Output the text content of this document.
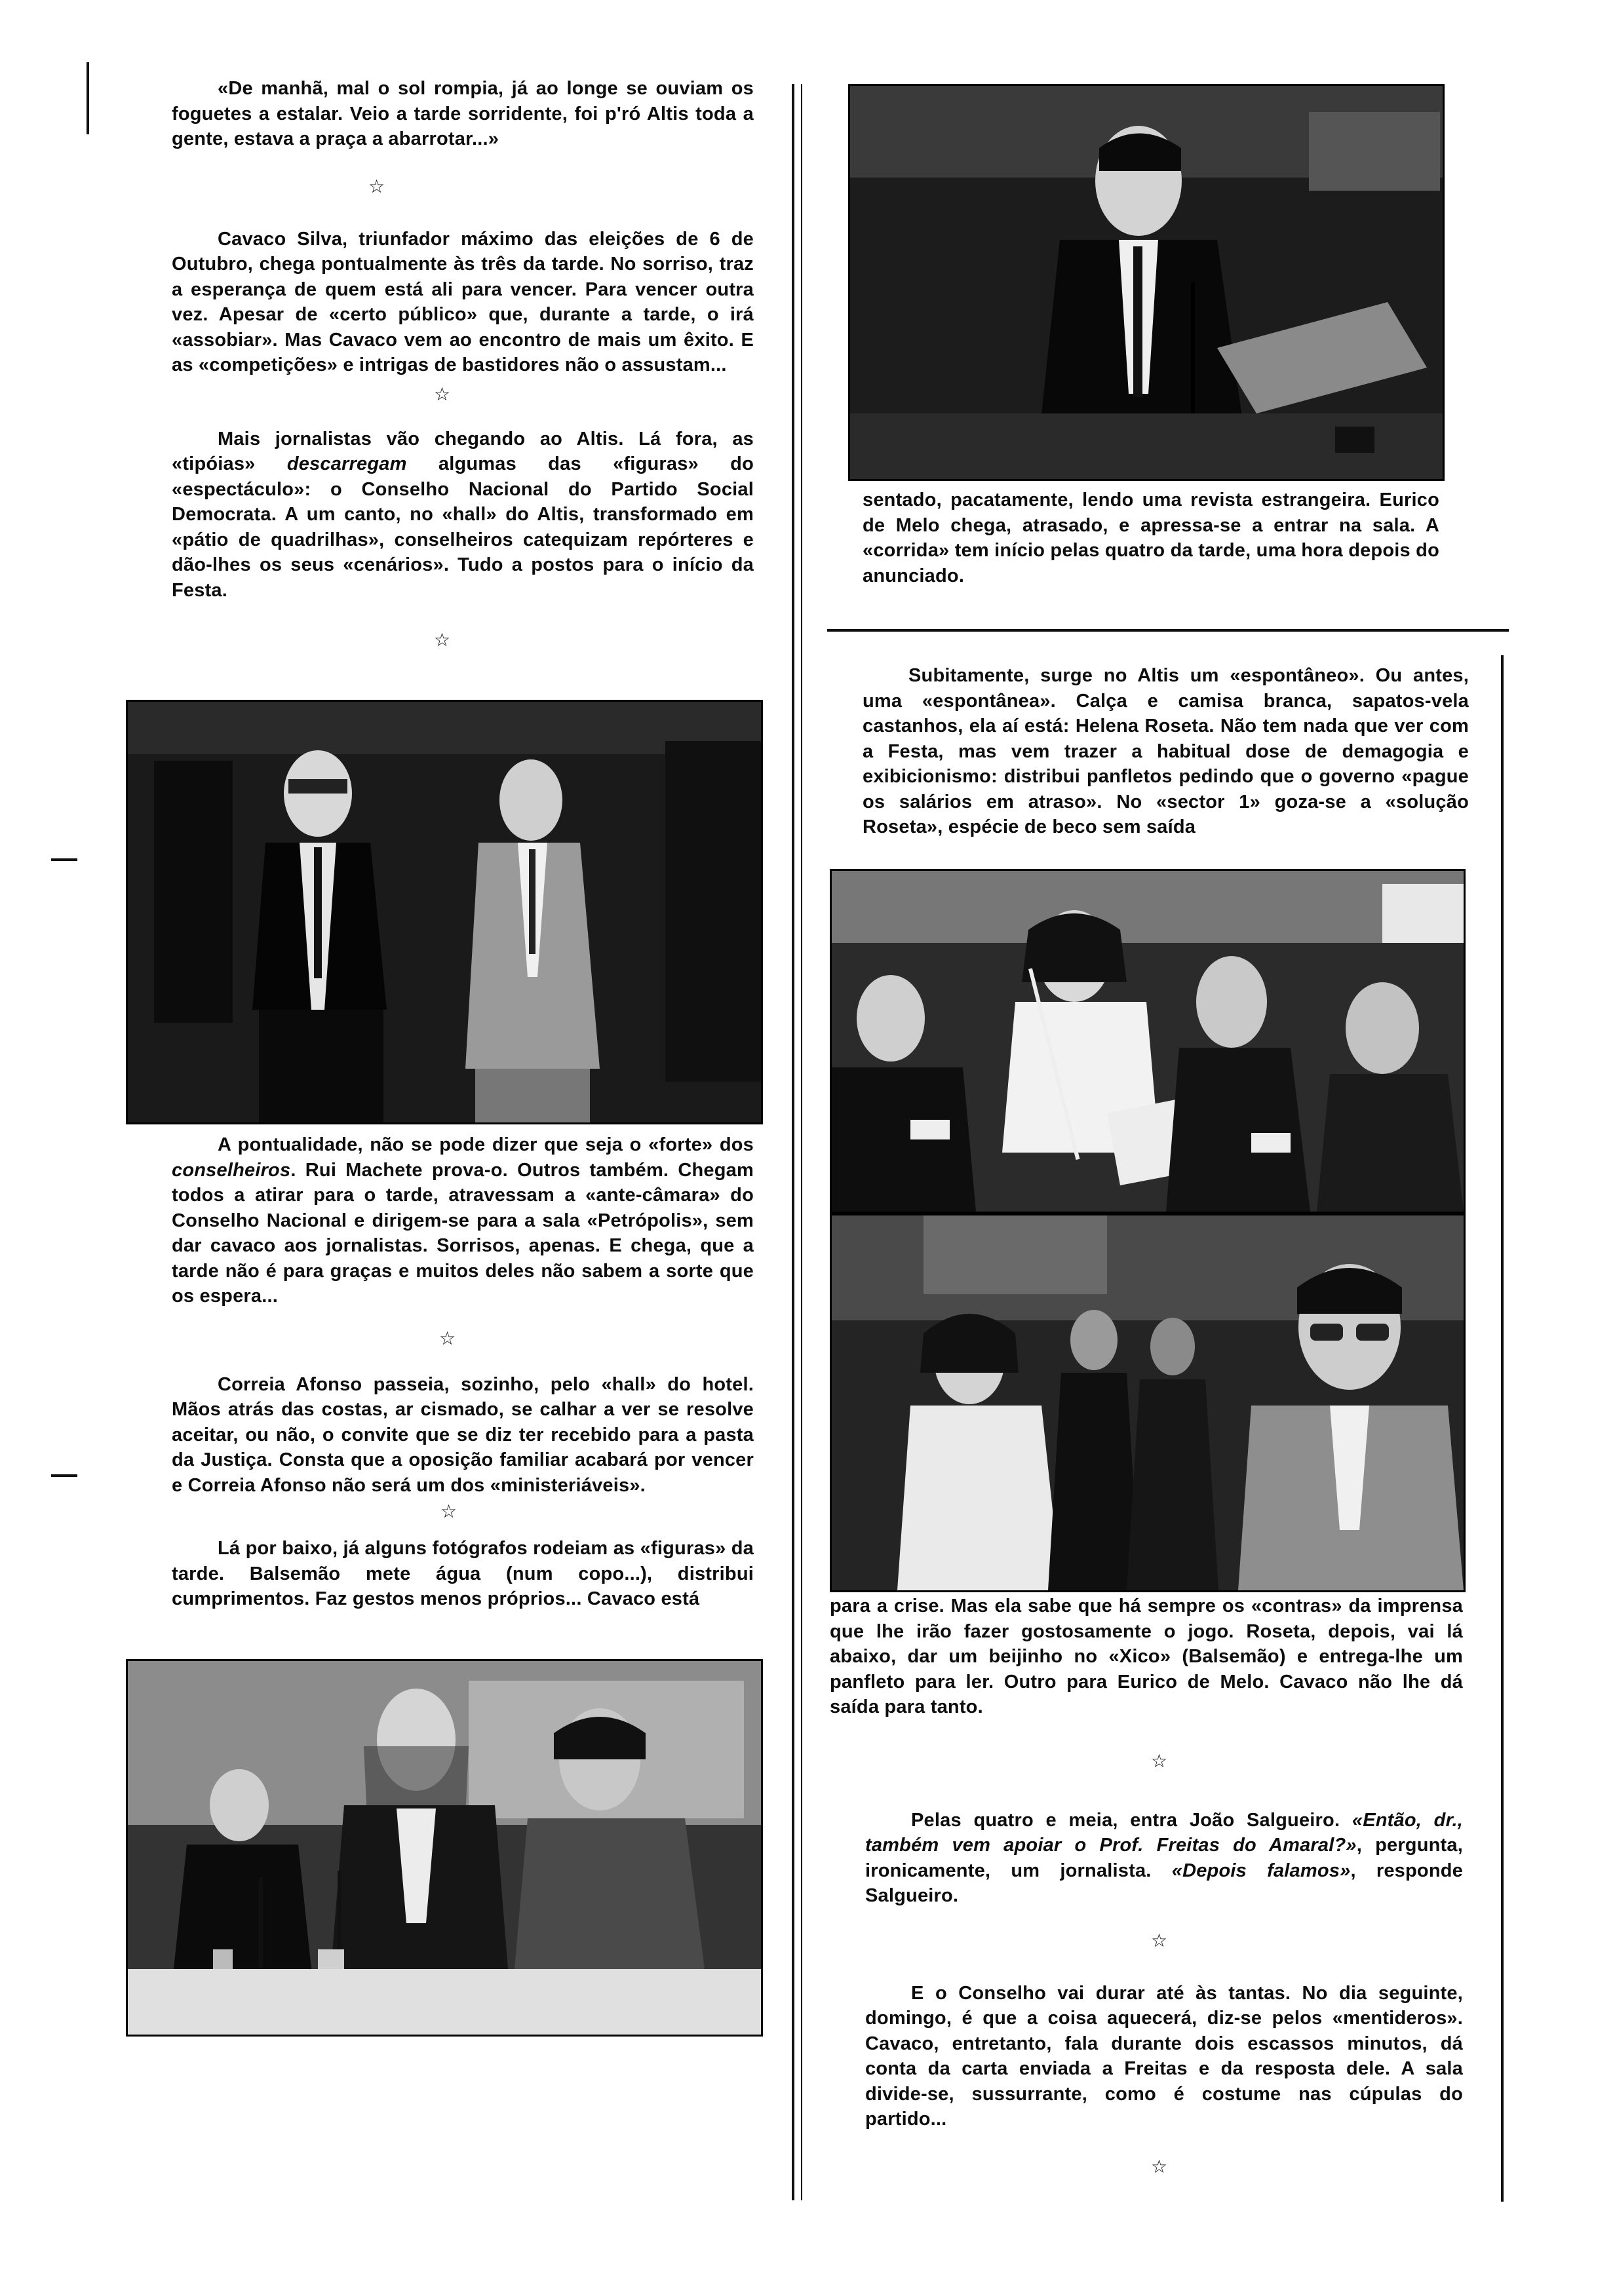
«De manhã, mal o sol rompia, já ao longe se ouviam os foguetes a estalar. Veio a tarde sorridente, foi p'ró Altis toda a gente, estava a praça a abarrotar...»

☆

Cavaco Silva, triunfador máximo das eleições de 6 de Outubro, chega pontualmente às três da tarde. No sorriso, traz a esperança de quem está ali para vencer. Para vencer outra vez. Apesar de «certo público» que, durante a tarde, o irá «assobiar». Mas Cavaco vem ao encontro de mais um êxito. E as «competições» e intrigas de bastidores não o assustam...

☆

Mais jornalistas vão chegando ao Altis. Lá fora, as «tipóias» descarregam algumas das «figuras» do «espectáculo»: o Conselho Nacional do Partido Social Democrata. A um canto, no «hall» do Altis, transformado em «pátio de quadrilhas», conselheiros catequizam repórteres e dão-lhes os seus «cenários». Tudo a postos para o início da Festa.

☆

A pontualidade, não se pode dizer que seja o «forte» dos conselheiros. Rui Machete prova-o. Outros também. Chegam todos a atirar para o tarde, atravessam a «ante-câmara» do Conselho Nacional e dirigem-se para a sala «Petrópolis», sem dar cavaco aos jornalistas. Sorrisos, apenas. E chega, que a tarde não é para graças e muitos deles não sabem a sorte que os espera...

☆

Correia Afonso passeia, sozinho, pelo «hall» do hotel. Mãos atrás das costas, ar cismado, se calhar a ver se resolve aceitar, ou não, o convite que se diz ter recebido para a pasta da Justiça. Consta que a oposição familiar acabará por vencer e Correia Afonso não será um dos «ministeriáveis».

☆

Lá por baixo, já alguns fotógrafos rodeiam as «figuras» da tarde. Balsemão mete água (num copo...), distribui cumprimentos. Faz gestos menos próprios... Cavaco está

sentado, pacatamente, lendo uma revista estrangeira. Eurico de Melo chega, atrasado, e apressa-se a entrar na sala. A «corrida» tem início pelas quatro da tarde, uma hora depois do anunciado.

Subitamente, surge no Altis um «espontâneo». Ou antes, uma «espontânea». Calça e camisa branca, sapatos-vela castanhos, ela aí está: Helena Roseta. Não tem nada que ver com a Festa, mas vem trazer a habitual dose de demagogia e exibicionismo: distribui panfletos pedindo que o governo «pague os salários em atraso». No «sector 1» goza-se a «solução Roseta», espécie de beco sem saída

para a crise. Mas ela sabe que há sempre os «contras» da imprensa que lhe irão fazer gostosamente o jogo. Roseta, depois, vai lá abaixo, dar um beijinho no «Xico» (Balsemão) e entrega-lhe um panfleto para ler. Outro para Eurico de Melo. Cavaco não lhe dá saída para tanto.

☆

Pelas quatro e meia, entra João Salgueiro. «Então, dr., também vem apoiar o Prof. Freitas do Amaral?», pergunta, ironicamente, um jornalista. «Depois falamos», responde Salgueiro.

☆

E o Conselho vai durar até às tantas. No dia seguinte, domingo, é que a coisa aquecerá, diz-se pelos «mentideros». Cavaco, entretanto, fala durante dois escassos minutos, dá conta da carta enviada a Freitas e da resposta dele. A sala divide-se, sussurrante, como é costume nas cúpulas do partido...

☆
